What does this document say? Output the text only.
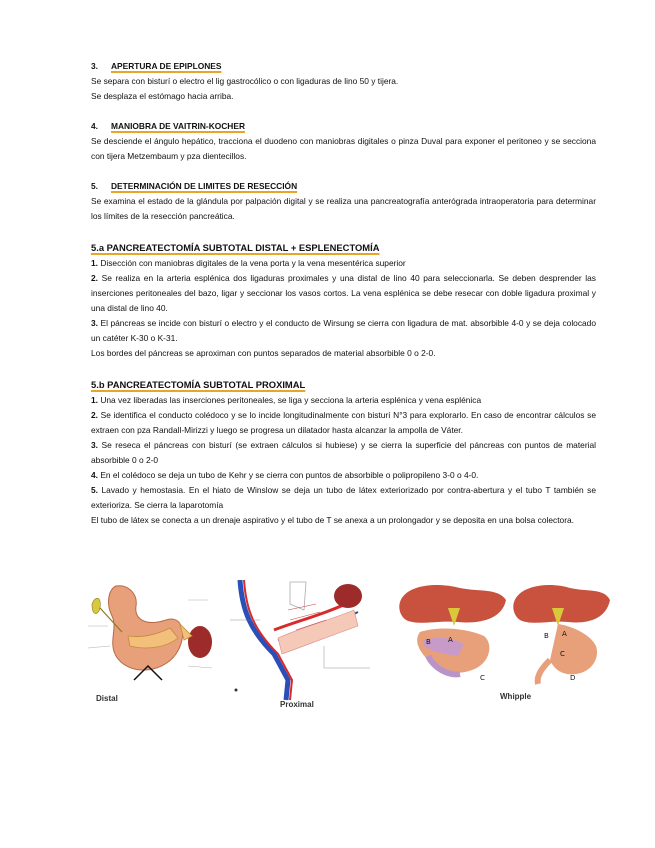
3. APERTURA DE EPIPLONES

Se separa con bisturí o electro el lig gastrocólico o con ligaduras de lino 50 y tijera.

Se desplaza el estómago hacia arriba.

4. MANIOBRA DE VAITRIN-KOCHER

Se desciende el ángulo hepático, tracciona el duodeno con maniobras digitales o pinza Duval para exponer el peritoneo y se secciona con tijera Metzembaum y pza dientecillos.

5. DETERMINACIÓN DE LIMITES DE RESECCIÓN

Se examina el estado de la glándula por palpación digital y se realiza una pancreatografía anterógrada intraoperatoria para determinar los límites de la resección pancreática.

5.a PANCREATECTOMÍA SUBTOTAL DISTAL + ESPLENECTOMÍA

1. Disección con maniobras digitales de la vena porta y la vena mesentérica superior

2. Se realiza en la arteria esplénica dos ligaduras proximales y una distal de lino 40 para seleccionarla. Se deben desprender las inserciones peritoneales del bazo, ligar y seccionar los vasos cortos. La vena esplénica se debe resecar con doble ligadura proximal y una distal de lino 40.

3. El páncreas se incide con bisturí o electro y el conducto de Wirsung se cierra con ligadura de mat. absorbible 4-0 y se deja colocado un catéter K-30 o K-31.

Los bordes del páncreas se aproximan con puntos separados de material absorbible 0 o 2-0.

5.b PANCREATECTOMÍA SUBTOTAL PROXIMAL

1. Una vez liberadas las inserciones peritoneales, se liga y secciona la arteria esplénica y vena esplénica

2. Se identifica el conducto colédoco y se lo incide longitudinalmente con bisturí N°3 para explorarlo. En caso de encontrar cálculos se extraen con pza Randall-Mirizzi y luego se progresa un dilatador hasta alcanzar la ampolla de Váter.

3. Se reseca el páncreas con bisturí (se extraen cálculos si hubiese) y se cierra la superficie del páncreas con puntos de material absorbible 0 o 2-0

4. En el colédoco se deja un tubo de Kehr y se cierra con puntos de absorbible o polipropileno 3-0 o 4-0.

5. Lavado y hemostasia. En el hiato de Winslow se deja un tubo de látex exteriorizado por contra-abertura y el tubo T también se exterioriza. Se cierra la laparotomía

El tubo de látex se conecta a un drenaje aspirativo y el tubo de T se anexa a un prolongador y se deposita en una bolsa colectora.

Distal
Proximal
B A
C
B A
C
D
Whipple
